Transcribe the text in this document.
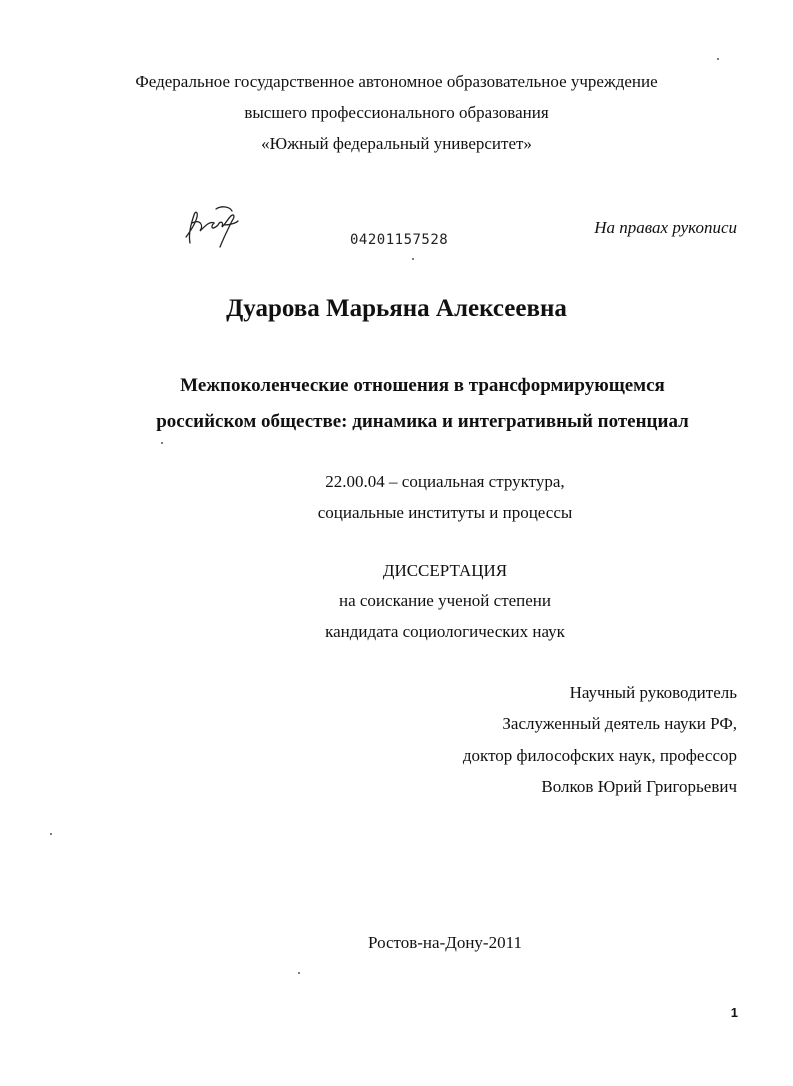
Федеральное государственное автономное образовательное учреждение
высшего профессионального образования
«Южный федеральный университет»
04201157528
На правах рукописи
Дуарова Марьяна Алексеевна
Межпоколенческие отношения в трансформирующемся
российском обществе: динамика и интегративный потенциал
22.00.04 – социальная структура,
социальные институты и процессы
ДИССЕРТАЦИЯ
на соискание ученой степени
кандидата социологических наук
Научный руководитель
Заслуженный деятель науки РФ,
доктор философских наук, профессор
Волков Юрий Григорьевич
Ростов-на-Дону-2011
1
